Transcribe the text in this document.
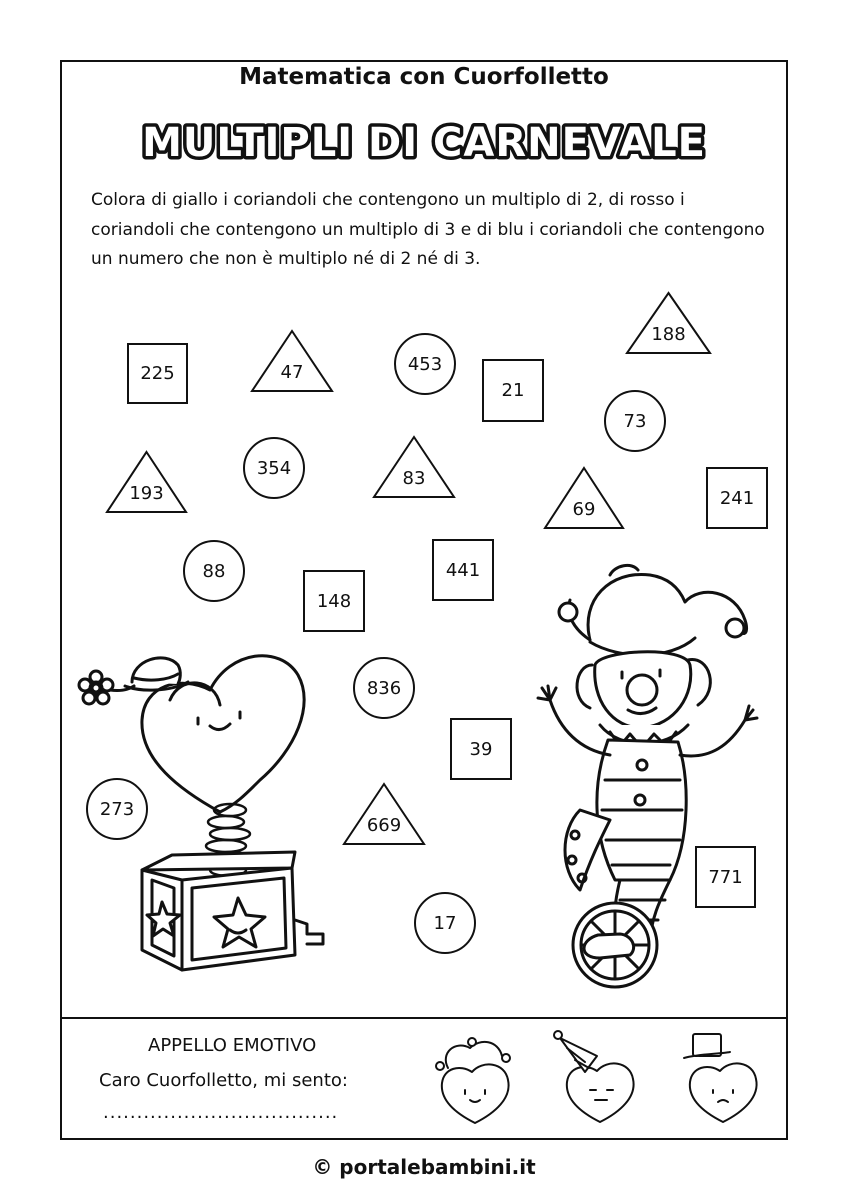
Matematica con Cuorfolletto
MULTIPLI DI CARNEVALE

Colora di giallo i coriandoli che contengono un multiplo di 2, di rosso i coriandoli che contengono un multiplo di 3 e di blu i coriandoli che contengono un numero che non è multiplo né di 2 né di 3.

225	47	453
21
188
73
193
354	83
69
241
88
148
441
836
39
273
669
771
17

APPELLO EMOTIVO

Caro Cuorfolletto, mi sento:

...................................

© portalebambini.it
